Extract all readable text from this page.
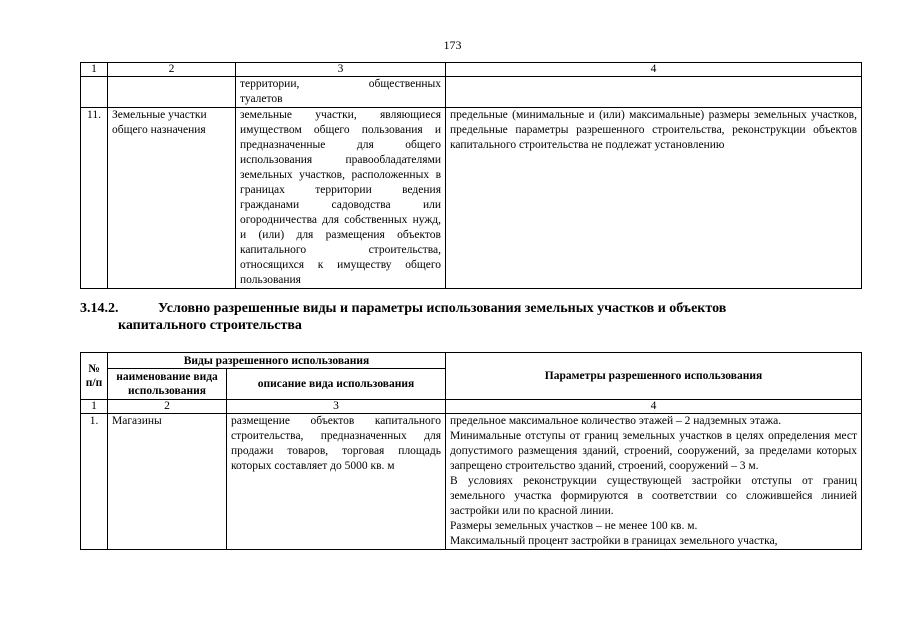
173
1	2	3	4

		территории, общественных
туалетов	

11.	Земельные участки общего назначения	земельные участки, являющиеся имуществом общего пользования и предназначенные для общего использования правообладателями земельных участков, расположенных в границах территории ведения гражданами садоводства или огородничества для собственных нужд, и (или) для размещения объектов капитального строительства, относящихся к имуществу общего пользования	предельные (минимальные и (или) максимальные) размеры земельных участков, предельные параметры разрешенного строительства, реконструкции объектов капитального строительства не подлежат установлению
3.14.2.	Условно разрешенные виды и параметры использования земельных участков и объектов
капитального строительства
№ п/п	Виды разрешенного использования		Параметры разрешенного использования
	наименование вида использования	описание вида использования	
1	2	3	4
1.	Магазины	размещение объектов капитального строительства, предназначенных для продажи товаров, торговая площадь которых составляет до 5000 кв. м	предельное максимальное количество этажей – 2 надземных этажа.

Минимальные отступы от границ земельных участков в целях определения мест допустимого размещения зданий, строений, сооружений, за пределами которых запрещено строительство зданий, строений, сооружений – 3 м.

В условиях реконструкции существующей застройки отступы от границ земельного участка формируются в соответствии со сложившейся линией застройки или по красной линии.

Размеры земельных участков – не менее 100 кв. м.

Максимальный процент застройки в границах земельного участка,
